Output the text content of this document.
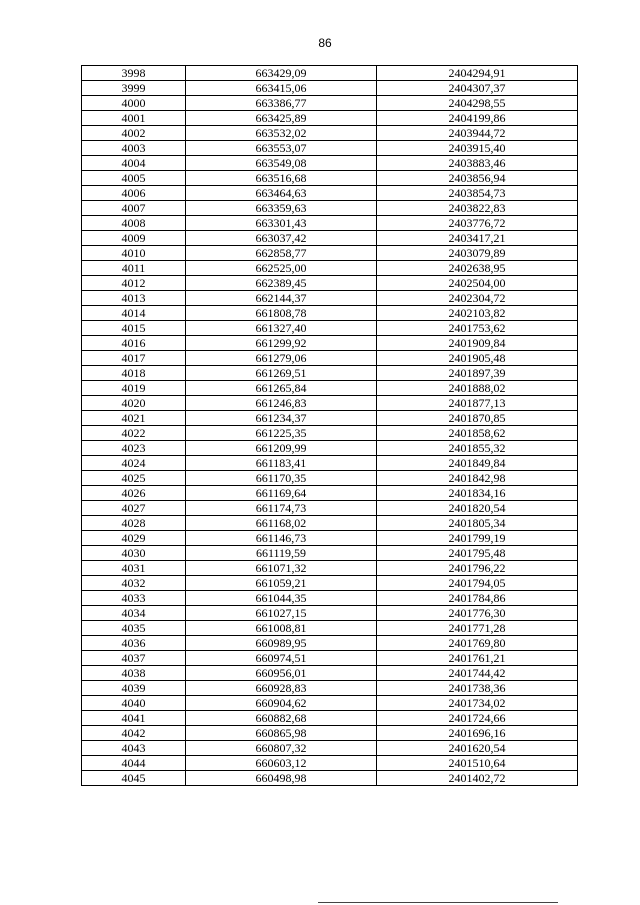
86
3998	663429,09	2404294,91
3999	663415,06	2404307,37
4000	663386,77	2404298,55
4001	663425,89	2404199,86
4002	663532,02	2403944,72
4003	663553,07	2403915,40
4004	663549,08	2403883,46
4005	663516,68	2403856,94
4006	663464,63	2403854,73
4007	663359,63	2403822,83
4008	663301,43	2403776,72
4009	663037,42	2403417,21
4010	662858,77	2403079,89
4011	662525,00	2402638,95
4012	662389,45	2402504,00
4013	662144,37	2402304,72
4014	661808,78	2402103,82
4015	661327,40	2401753,62
4016	661299,92	2401909,84
4017	661279,06	2401905,48
4018	661269,51	2401897,39
4019	661265,84	2401888,02
4020	661246,83	2401877,13
4021	661234,37	2401870,85
4022	661225,35	2401858,62
4023	661209,99	2401855,32
4024	661183,41	2401849,84
4025	661170,35	2401842,98
4026	661169,64	2401834,16
4027	661174,73	2401820,54
4028	661168,02	2401805,34
4029	661146,73	2401799,19
4030	661119,59	2401795,48
4031	661071,32	2401796,22
4032	661059,21	2401794,05
4033	661044,35	2401784,86
4034	661027,15	2401776,30
4035	661008,81	2401771,28
4036	660989,95	2401769,80
4037	660974,51	2401761,21
4038	660956,01	2401744,42
4039	660928,83	2401738,36
4040	660904,62	2401734,02
4041	660882,68	2401724,66
4042	660865,98	2401696,16
4043	660807,32	2401620,54
4044	660603,12	2401510,64
4045	660498,98	2401402,72
